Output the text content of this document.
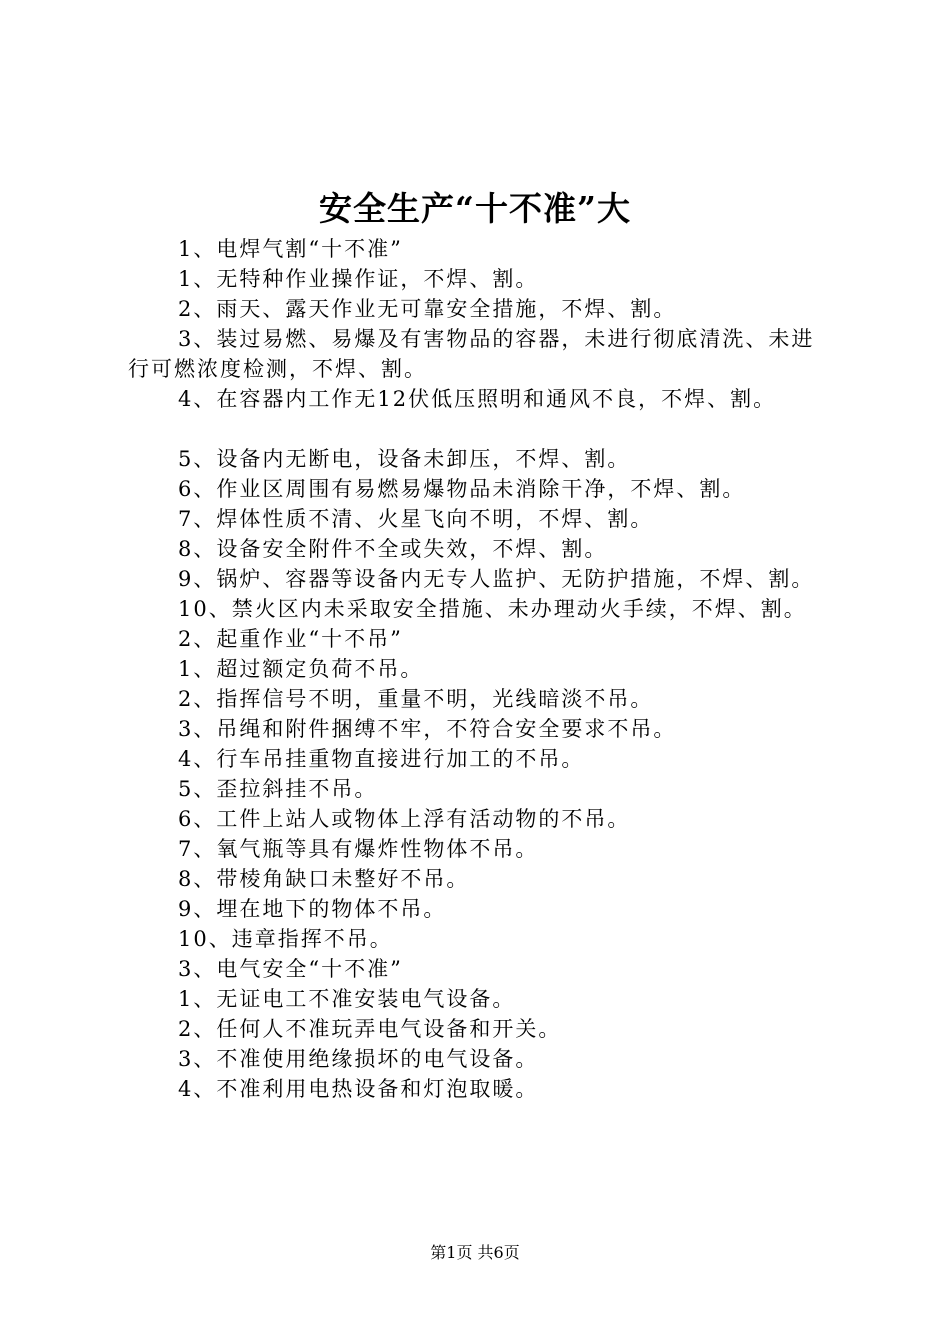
安全生产“十不准”大

1、电焊气割“十不准”

1、无特种作业操作证，不焊、割。

2、雨天、露天作业无可靠安全措施，不焊、割。

3、装过易燃、易爆及有害物品的容器，未进行彻底清洗、未进行可燃浓度检测，不焊、割。

4、在容器内工作无12伏低压照明和通风不良，不焊、割。

5、设备内无断电，设备未卸压，不焊、割。

6、作业区周围有易燃易爆物品未消除干净，不焊、割。

7、焊体性质不清、火星飞向不明，不焊、割。

8、设备安全附件不全或失效，不焊、割。

9、锅炉、容器等设备内无专人监护、无防护措施，不焊、割。

10、禁火区内未采取安全措施、未办理动火手续，不焊、割。

2、起重作业“十不吊”

1、超过额定负荷不吊。

2、指挥信号不明，重量不明，光线暗淡不吊。

3、吊绳和附件捆缚不牢，不符合安全要求不吊。

4、行车吊挂重物直接进行加工的不吊。

5、歪拉斜挂不吊。

6、工件上站人或物体上浮有活动物的不吊。

7、氧气瓶等具有爆炸性物体不吊。

8、带棱角缺口未整好不吊。

9、埋在地下的物体不吊。

10、违章指挥不吊。

3、电气安全“十不准”

1、无证电工不准安装电气设备。

2、任何人不准玩弄电气设备和开关。

3、不准使用绝缘损坏的电气设备。

4、不准利用电热设备和灯泡取暖。

第1页 共6页
